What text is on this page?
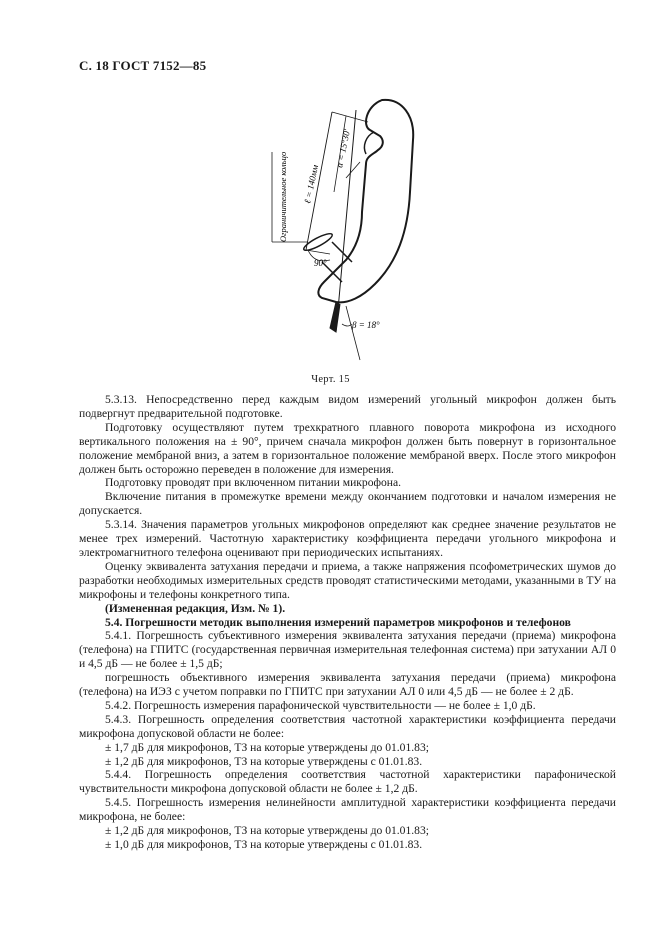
С. 18 ГОСТ 7152—85
Ограничительное кольцо ℓ = 140мм
α = 15°30′
90°
β = 18°
Черт. 15

5.3.13. Непосредственно перед каждым видом измерений угольный микрофон должен быть подвергнут предварительной подготовке.

Подготовку осуществляют путем трехкратного плавного поворота микрофона из исходного вертикального положения на ± 90°, причем сначала микрофон должен быть повернут в горизонтальное положение мембраной вниз, а затем в горизонтальное положение мембраной вверх. После этого микрофон должен быть осторожно переведен в положение для измерения.

Подготовку проводят при включенном питании микрофона.

Включение питания в промежутке времени между окончанием подготовки и началом измерения не допускается.

5.3.14. Значения параметров угольных микрофонов определяют как среднее значение результатов не менее трех измерений. Частотную характеристику коэффициента передачи угольного микрофона и электромагнитного телефона оценивают при периодических испытаниях.

Оценку эквивалента затухания передачи и приема, а также напряжения псофометрических шумов до разработки необходимых измерительных средств проводят статистическими методами, указанными в ТУ на микрофоны и телефоны конкретного типа.

(Измененная редакция, Изм. № 1).

5.4. Погрешности методик выполнения измерений параметров микрофонов и телефонов

5.4.1. Погрешность субъективного измерения эквивалента затухания передачи (приема) микрофона (телефона) на ГПИТС (государственная первичная измерительная телефонная система) при затухании АЛ 0 и 4,5 дБ — не более ± 1,5 дБ;

погрешность объективного измерения эквивалента затухания передачи (приема) микрофона (телефона) на ИЭЗ с учетом поправки по ГПИТС при затухании АЛ 0 или 4,5 дБ — не более ± 2 дБ.

5.4.2. Погрешность измерения парафонической чувствительности — не более ± 1,0 дБ.

5.4.3. Погрешность определения соответствия частотной характеристики коэффициента передачи микрофона допусковой области не более:

± 1,7 дБ для микрофонов, ТЗ на которые утверждены до 01.01.83;

± 1,2 дБ для микрофонов, ТЗ на которые утверждены с 01.01.83.

5.4.4. Погрешность определения соответствия частотной характеристики парафонической чувствительности микрофона допусковой области не более ± 1,2 дБ.

5.4.5. Погрешность измерения нелинейности амплитудной характеристики коэффициента передачи микрофона, не более:

± 1,2 дБ для микрофонов, ТЗ на которые утверждены до 01.01.83;

± 1,0 дБ для микрофонов, ТЗ на которые утверждены с 01.01.83.
